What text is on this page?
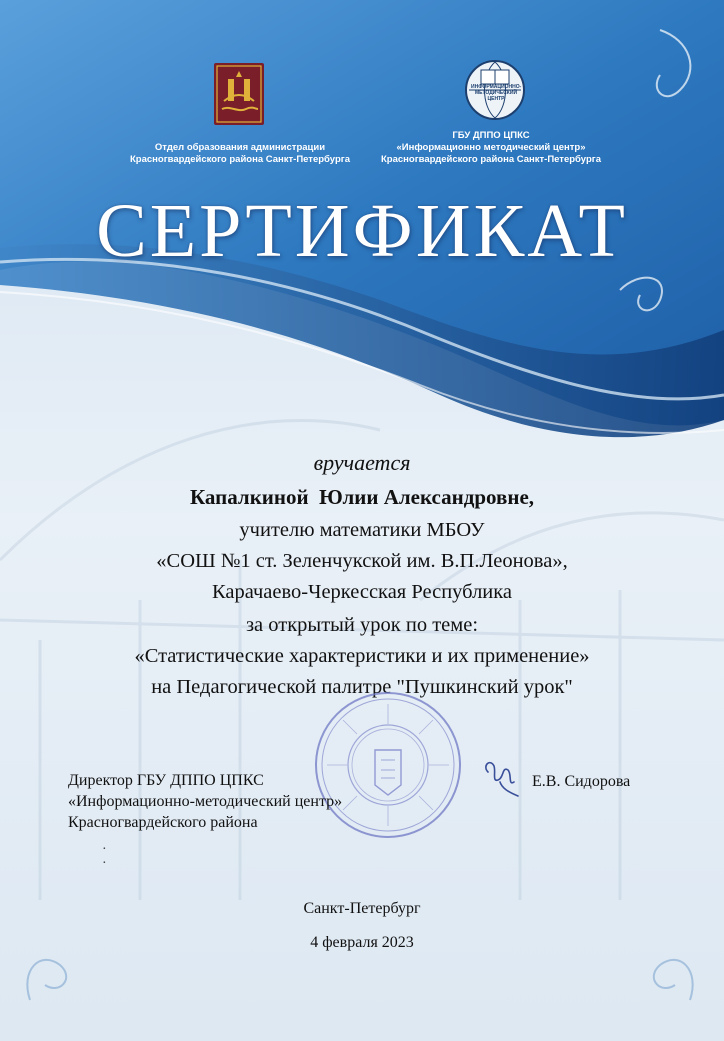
Отдел образования администрации
Красногвардейского района Санкт-Петербурга
ИНФОРМАЦИОННО-
МЕТОДИЧЕСКИЙ
ЦЕНТР
ГБУ ДППО ЦПКС
«Информационно методический центр»
Красногвардейского района Санкт-Петербурга
СЕРТИФИКАТ
вручается
Капалкиной  Юлии Александровне,
учителю математики МБОУ
«СОШ №1 ст. Зеленчукской им. В.П.Леонова»,
Карачаево-Черкесская Республика
за открытый урок по теме:
«Статистические характеристики и их применение»
на Педагогической палитре "Пушкинский урок"
Директор ГБУ ДППО ЦПКС
«Информационно-методический центр»
Красногвардейского района
·
·
Е.В. Сидорова
Санкт-Петербург
4 февраля 2023
